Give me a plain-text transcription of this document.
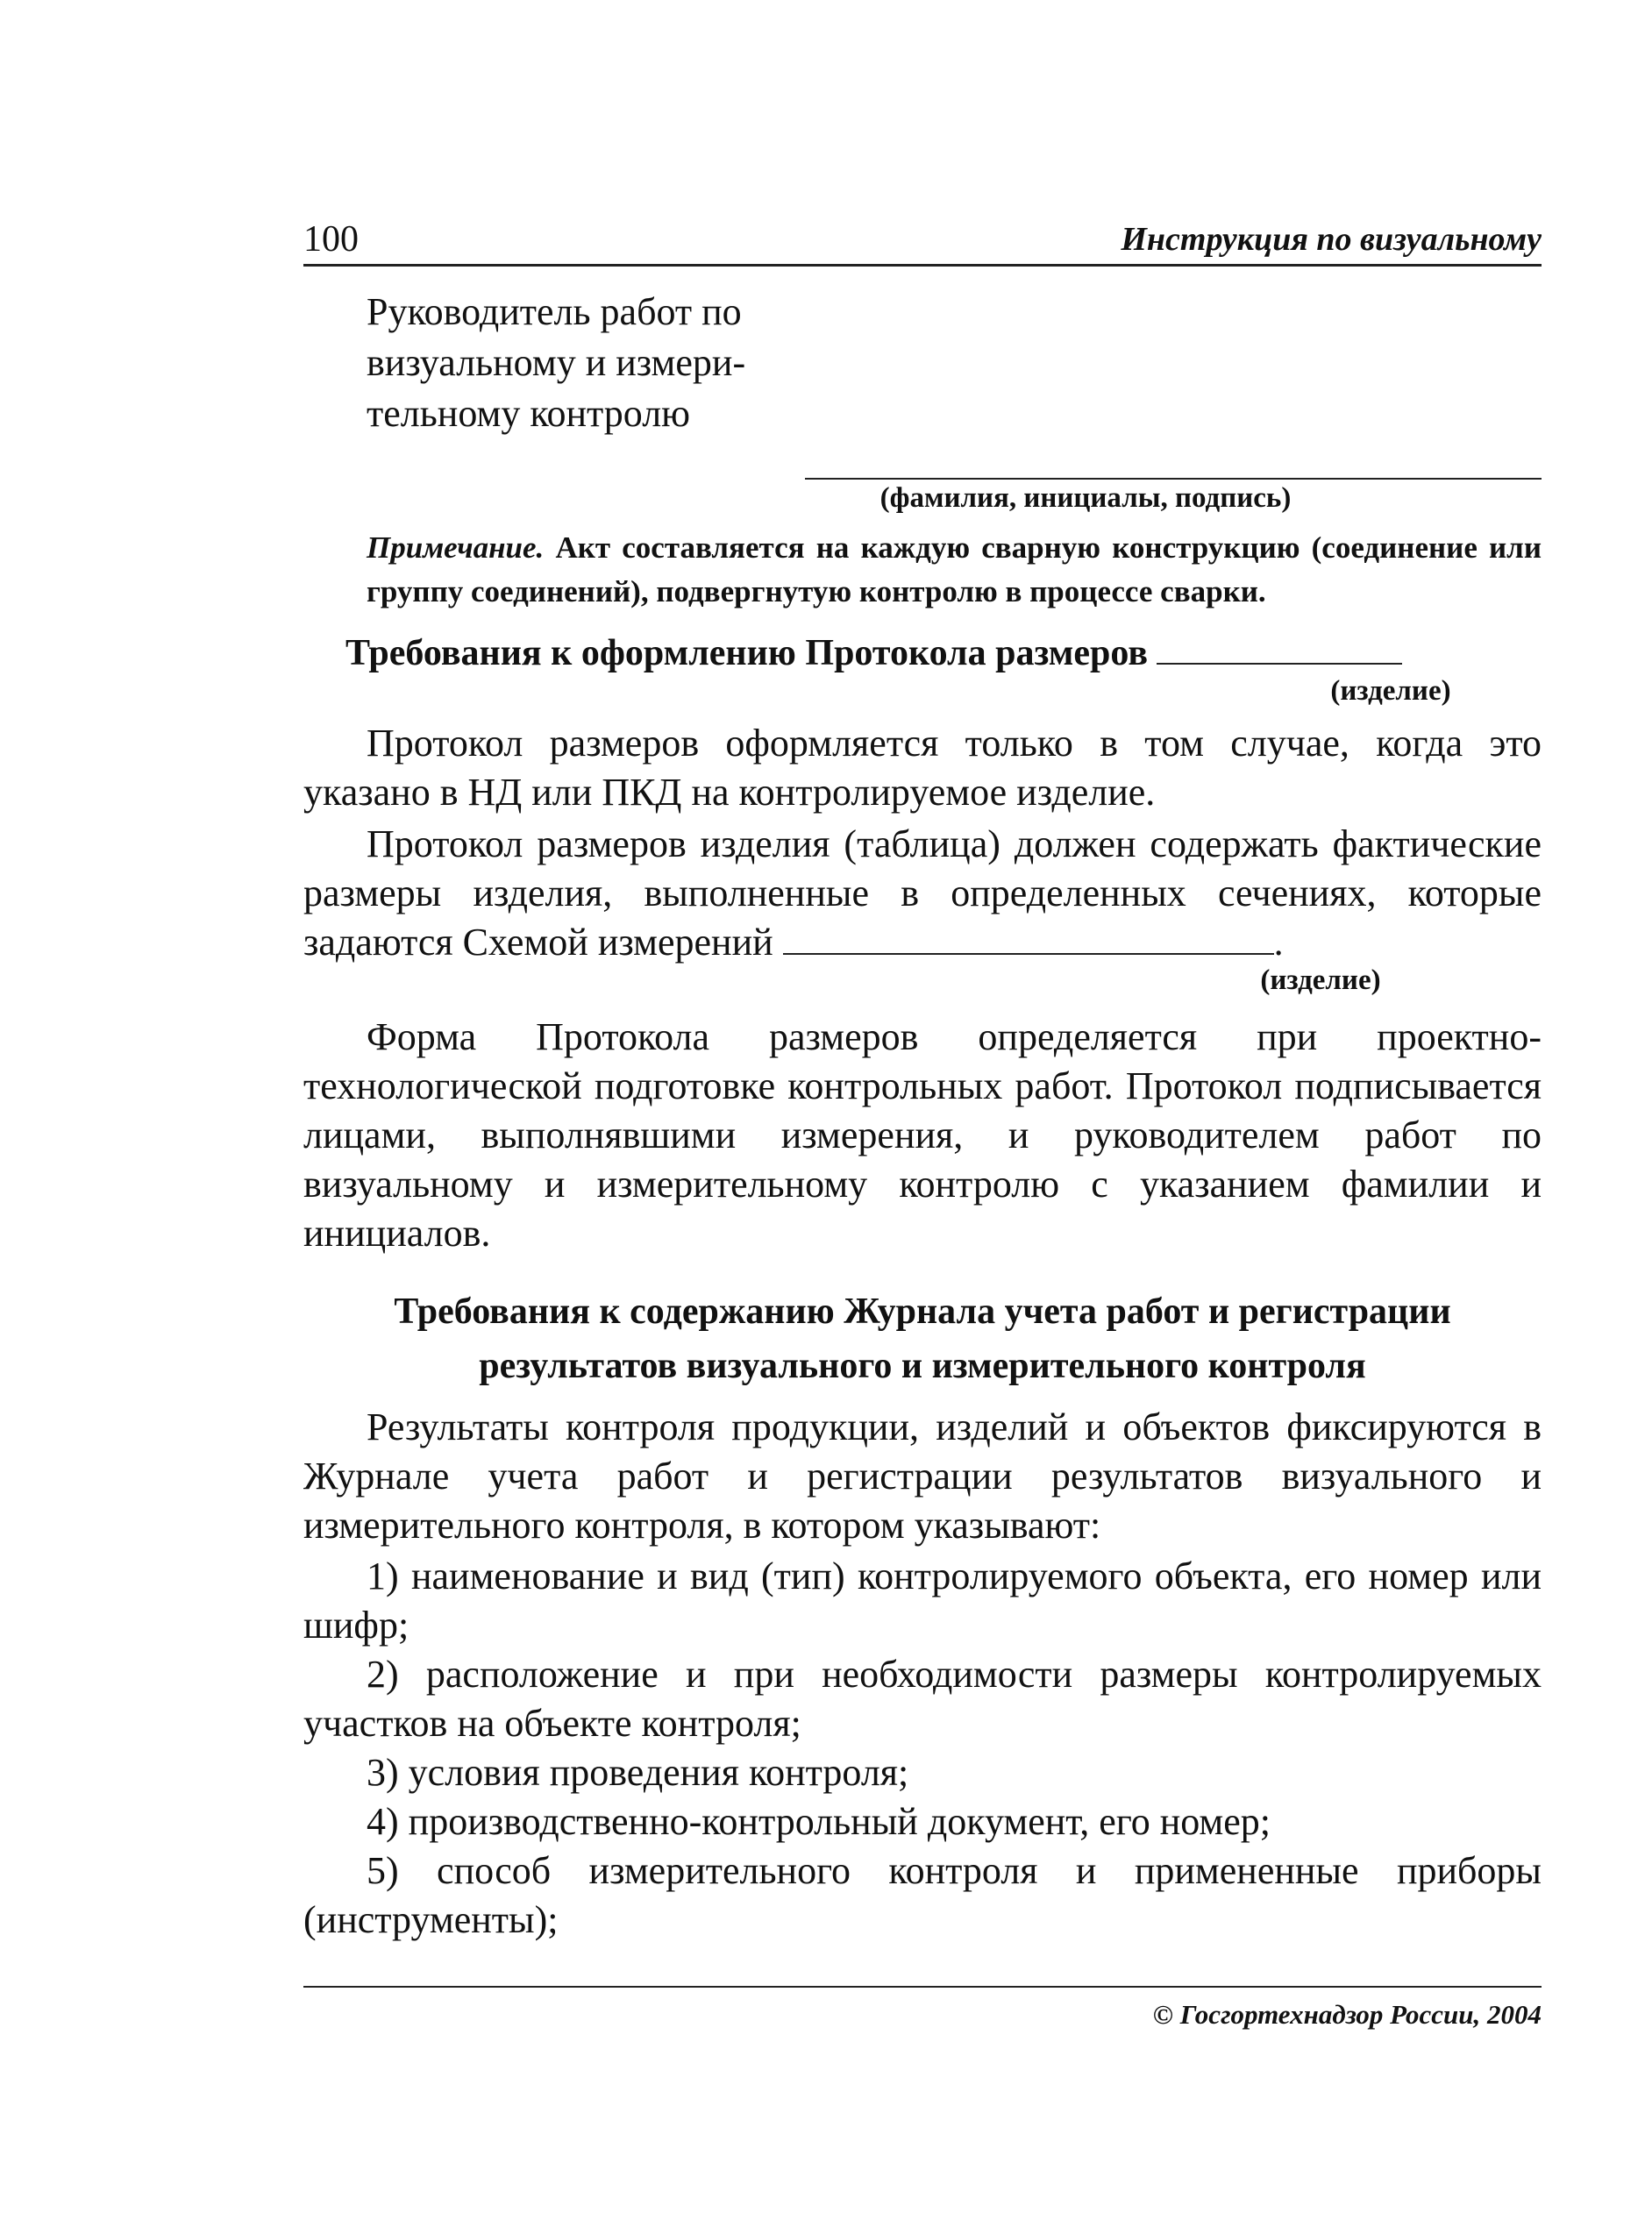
100	Инструкция по визуальному
Руководитель работ по
визуальному и измери-
тельному контролю
(фамилия, инициалы, подпись)
Примечание. Акт составляется на каждую сварную конструкцию (соединение или группу соединений), подвергнутую контролю в процессе сварки.
Требования к оформлению Протокола размеров
(изделие)

Протокол размеров оформляется только в том случае, когда это указано в НД или ПКД на контролируемое изделие.

Протокол размеров изделия (таблица) должен содержать фактические размеры изделия, выполненные в определенных сечениях, которые задаются Схемой измерений	.

(изделие)

Форма Протокола размеров определяется при проектно-технологической подготовке контрольных работ. Протокол подписывается лицами, выполнявшими измерения, и руководителем работ по визуальному и измерительному контролю с указанием фамилии и инициалов.

Требования к содержанию Журнала учета работ и регистрации
результатов визуального и измерительного контроля

Результаты контроля продукции, изделий и объектов фиксируются в Журнале учета работ и регистрации результатов визуального и измерительного контроля, в котором указывают:

1) наименование и вид (тип) контролируемого объекта, его номер или шифр;

2) расположение и при необходимости размеры контролируемых участков на объекте контроля;

3) условия проведения контроля;

4) производственно-контрольный документ, его номер;

5) способ измерительного контроля и примененные приборы (инструменты);

© Госгортехнадзор России, 2004
